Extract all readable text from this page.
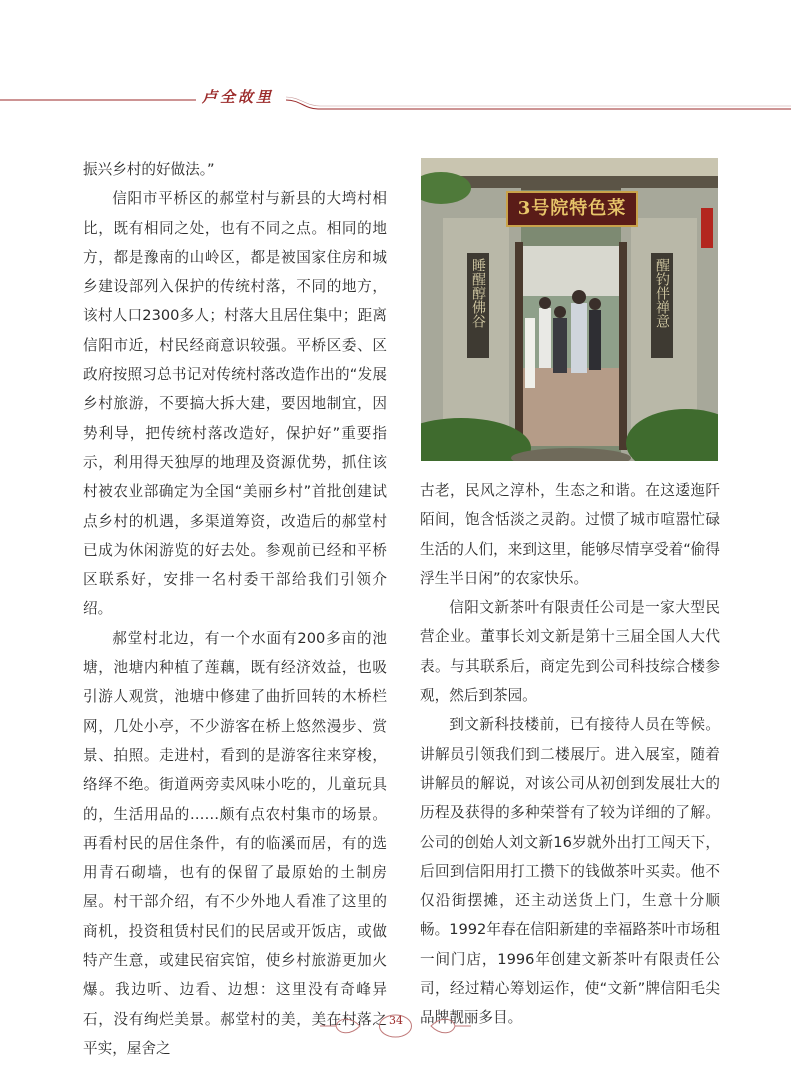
卢全故里

振兴乡村的好做法。”

信阳市平桥区的郝堂村与新县的大塆村相比，既有相同之处，也有不同之点。相同的地方，都是豫南的山岭区，都是被国家住房和城乡建设部列入保护的传统村落，不同的地方，该村人口2300多人；村落大且居住集中；距离信阳市近，村民经商意识较强。平桥区委、区政府按照习总书记对传统村落改造作出的“发展乡村旅游，不要搞大拆大建，要因地制宜，因势利导，把传统村落改造好，保护好”重要指示，利用得天独厚的地理及资源优势，抓住该村被农业部确定为全国“美丽乡村”首批创建试点乡村的机遇，多渠道筹资，改造后的郝堂村已成为休闲游览的好去处。参观前已经和平桥区联系好，安排一名村委干部给我们引领介绍。

郝堂村北边，有一个水面有200多亩的池塘，池塘内种植了莲藕，既有经济效益，也吸引游人观赏，池塘中修建了曲折回转的木桥栏网，几处小亭，不少游客在桥上悠然漫步、赏景、拍照。走进村，看到的是游客往来穿梭，络绎不绝。街道两旁卖风味小吃的，儿童玩具的，生活用品的……颇有点农村集市的场景。再看村民的居住条件，有的临溪而居，有的选用青石砌墙，也有的保留了最原始的土制房屋。村干部介绍，有不少外地人看准了这里的商机，投资租赁村民们的民居或开饭店，或做特产生意，或建民宿宾馆，使乡村旅游更加火爆。我边听、边看、边想：这里没有奇峰异石，没有绚烂美景。郝堂村的美，美在村落之平实，屋舍之

3号院特色菜
睡醒醇佛谷	醒钓伴禅意

古老，民风之淳朴，生态之和谐。在这逶迤阡陌间，饱含恬淡之灵韵。过惯了城市喧嚣忙碌生活的人们，来到这里，能够尽情享受着“偷得浮生半日闲”的农家快乐。

信阳文新茶叶有限责任公司是一家大型民营企业。董事长刘文新是第十三届全国人大代表。与其联系后，商定先到公司科技综合楼参观，然后到茶园。

到文新科技楼前，已有接待人员在等候。讲解员引领我们到二楼展厅。进入展室，随着讲解员的解说，对该公司从初创到发展壮大的历程及获得的多种荣誉有了较为详细的了解。公司的创始人刘文新16岁就外出打工闯天下，后回到信阳用打工攒下的钱做茶叶买卖。他不仅沿街摆摊，还主动送货上门，生意十分顺畅。1992年春在信阳新建的幸福路茶叶市场租一间门店，1996年创建文新茶叶有限责任公司，经过精心筹划运作，使“文新”牌信阳毛尖品牌靓丽多目。

34
